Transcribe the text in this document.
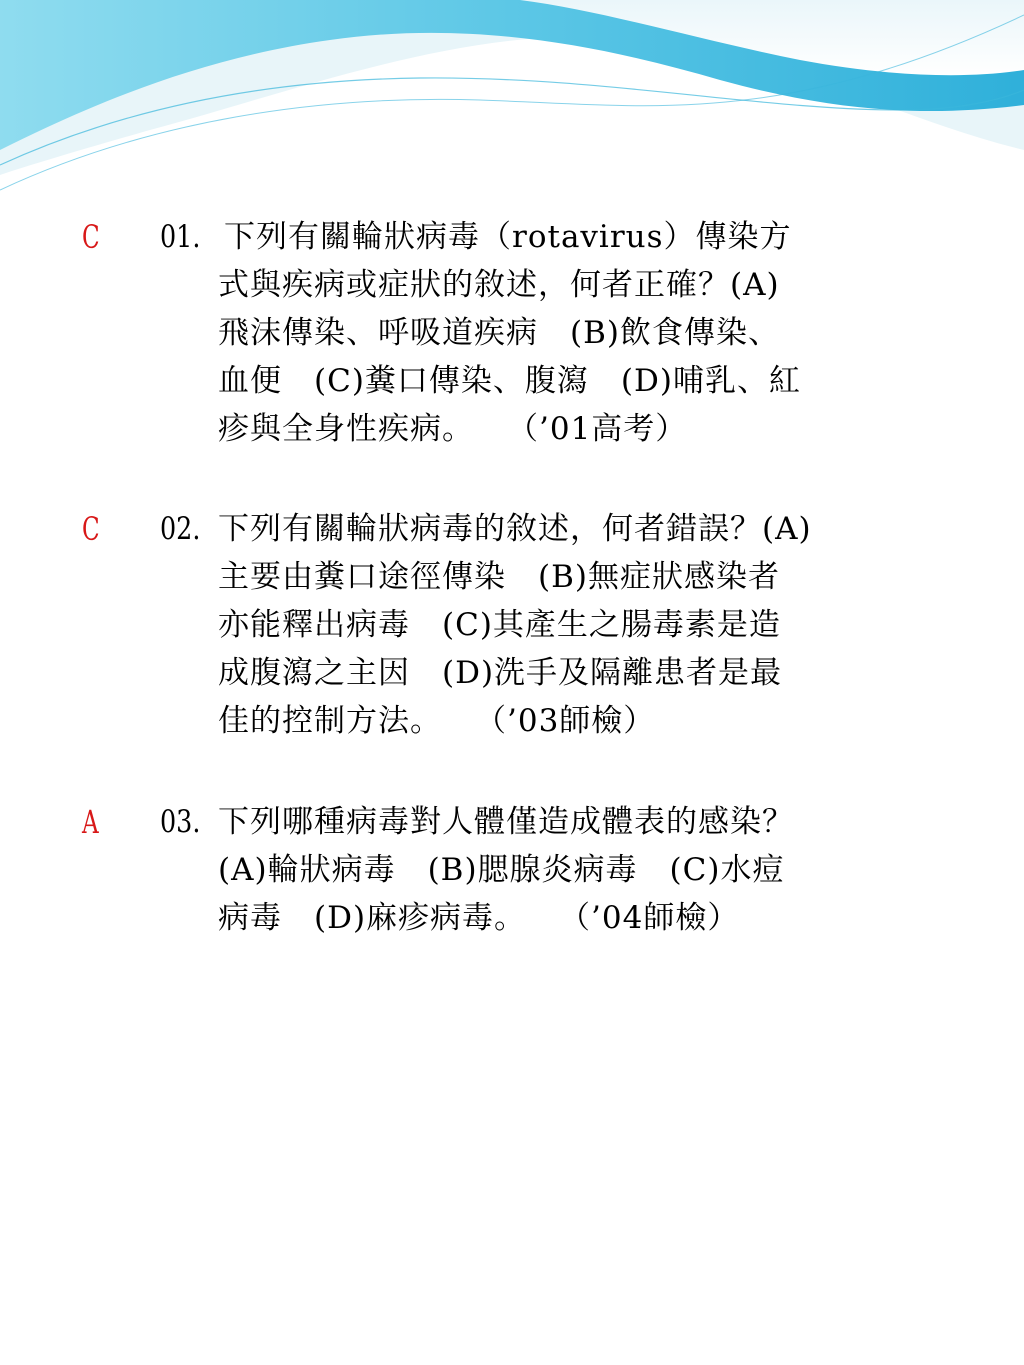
C 01. 下列有關輪狀病毒（rotavirus）傳染方
式與疾病或症狀的敘述，何者正確？(A)
飛沫傳染、呼吸道疾病　(B)飲食傳染、
血便　(C)糞口傳染、腹瀉　(D)哺乳、紅
疹與全身性疾病。　　（’01高考）
C 02. 下列有關輪狀病毒的敘述，何者錯誤？(A)
主要由糞口途徑傳染　(B)無症狀感染者
亦能釋出病毒　(C)其產生之腸毒素是造
成腹瀉之主因　(D)洗手及隔離患者是最
佳的控制方法。　　（’03師檢）
A 03. 下列哪種病毒對人體僅造成體表的感染？
(A)輪狀病毒　(B)腮腺炎病毒　(C)水痘
病毒　(D)麻疹病毒。　　（’04師檢）
